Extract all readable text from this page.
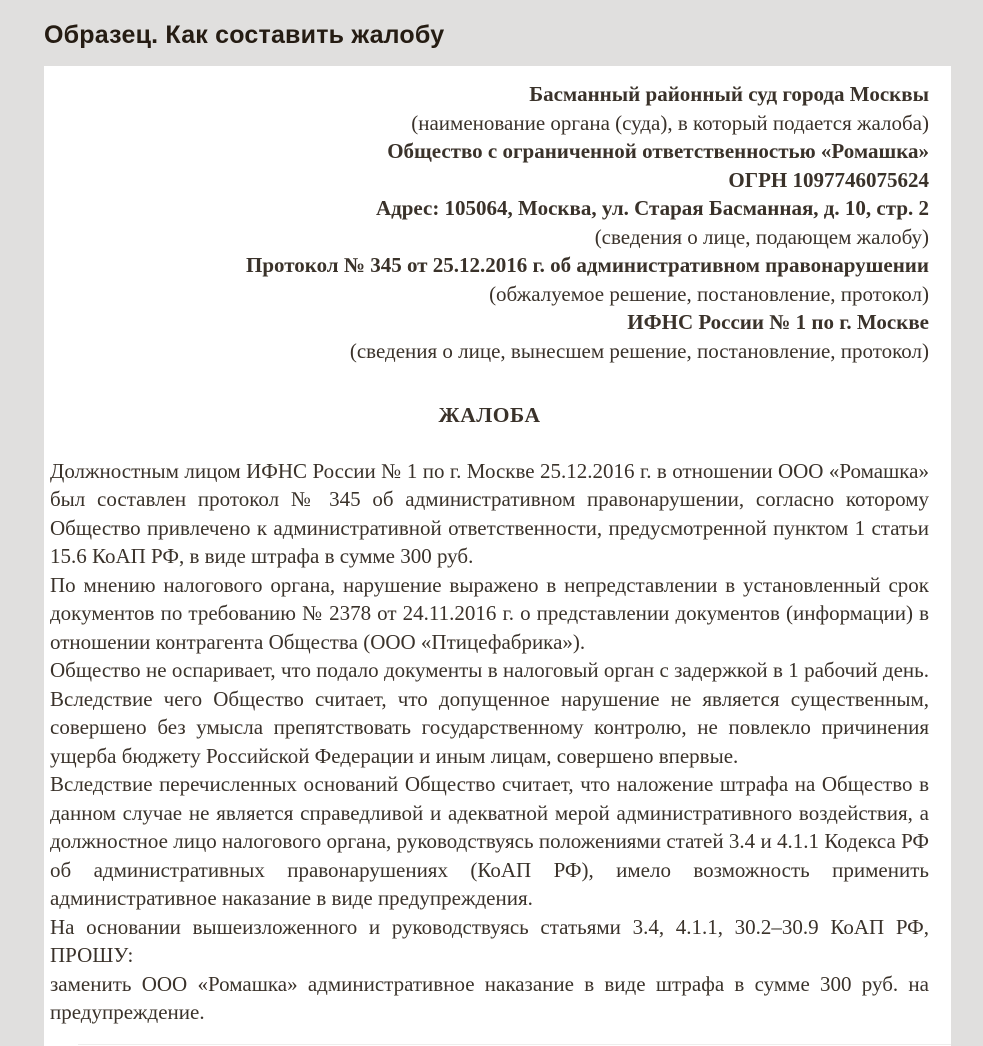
Образец. Как составить жалобу
Басманный районный суд города Москвы
(наименование органа (суда), в который подается жалоба)
Общество с ограниченной ответственностью «Ромашка»
ОГРН 1097746075624
Адрес: 105064, Москва, ул. Старая Басманная, д. 10, стр. 2
(сведения о лице, подающем жалобу)
Протокол № 345 от 25.12.2016 г. об административном правонарушении
(обжалуемое решение, постановление, протокол)
ИФНС России № 1 по г. Москве
(сведения о лице, вынесшем решение, постановление, протокол)
ЖАЛОБА

Должностным лицом ИФНС России № 1 по г. Москве 25.12.2016 г. в отношении ООО «Ромашка» был составлен протокол № 345 об административном правонарушении, согласно которому Общество привлечено к административной ответственности, предусмотренной пунктом 1 статьи 15.6 КоАП РФ, в виде штрафа в сумме 300 руб.

По мнению налогового органа, нарушение выражено в непредставлении в установленный срок документов по требованию № 2378 от 24.11.2016 г. о представлении документов (информации) в отношении контрагента Общества (ООО «Птицефабрика»).

Общество не оспаривает, что подало документы в налоговый орган с задержкой в 1 рабочий день. Вследствие чего Общество считает, что допущенное нарушение не является существенным, совершено без умысла препятствовать государственному контролю, не повлекло причинения ущерба бюджету Российской Федерации и иным лицам, совершено впервые.

Вследствие перечисленных оснований Общество считает, что наложение штрафа на Общество в данном случае не является справедливой и адекватной мерой административного воздействия, а должностное лицо налогового органа, руководствуясь положениями статей 3.4 и 4.1.1 Кодекса РФ об административных правонарушениях (КоАП РФ), имело возможность применить административное наказание в виде предупреждения.

На основании вышеизложенного и руководствуясь статьями 3.4, 4.1.1, 30.2–30.9 КоАП РФ, ПРОШУ:

заменить ООО «Ромашка» административное наказание в виде штрафа в сумме 300 руб. на предупреждение.
